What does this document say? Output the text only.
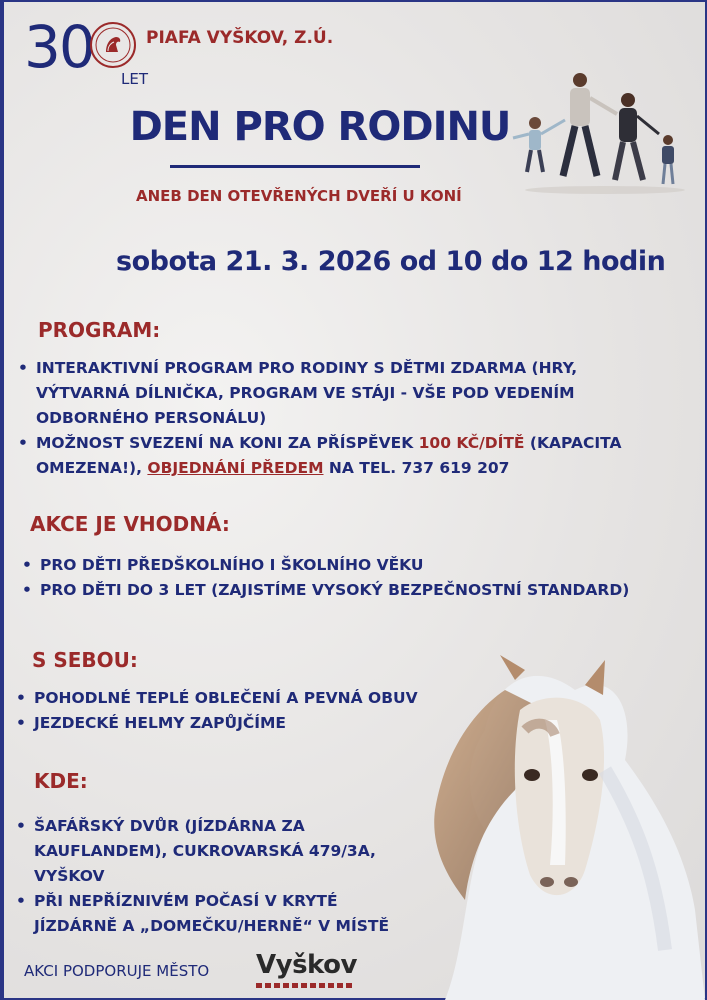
30 LET
PIAFA VYŠKOV, Z.Ú.
DEN PRO RODINU
ANEB DEN OTEVŘENÝCH DVEŘÍ U KONÍ
sobota 21. 3. 2026 od 10 do 12 hodin
PROGRAM:
• INTERAKTIVNÍ PROGRAM PRO RODINY S DĚTMI ZDARMA (HRY, VÝTVARNÁ DÍLNIČKA, PROGRAM VE STÁJI - VŠE POD VEDENÍM ODBORNÉHO PERSONÁLU)
• MOŽNOST SVEZENÍ NA KONI ZA PŘÍSPĚVEK 100 KČ/DÍTĚ (KAPACITA OMEZENA!), OBJEDNÁNÍ PŘEDEM NA TEL. 737 619 207
AKCE JE VHODNÁ:
• PRO DĚTI PŘEDŠKOLNÍHO I ŠKOLNÍHO VĚKU
• PRO DĚTI DO 3 LET (ZAJISTÍME VYSOKÝ BEZPEČNOSTNÍ STANDARD)
S SEBOU:
• POHODLNÉ TEPLÉ OBLEČENÍ A PEVNÁ OBUV
• JEZDECKÉ HELMY ZAPŮJČÍME
KDE:
• ŠAFÁŘSKÝ DVŮR (JÍZDÁRNA ZA KAUFLANDEM), CUKROVARSKÁ 479/3A, VYŠKOV
• PŘI NEPŘÍZNIVÉM POČASÍ V KRYTÉ JÍZDÁRNĚ A „DOMEČKU/HERNĚ“ V MÍSTĚ
AKCI PODPORUJE MĚSTO Vyškov
